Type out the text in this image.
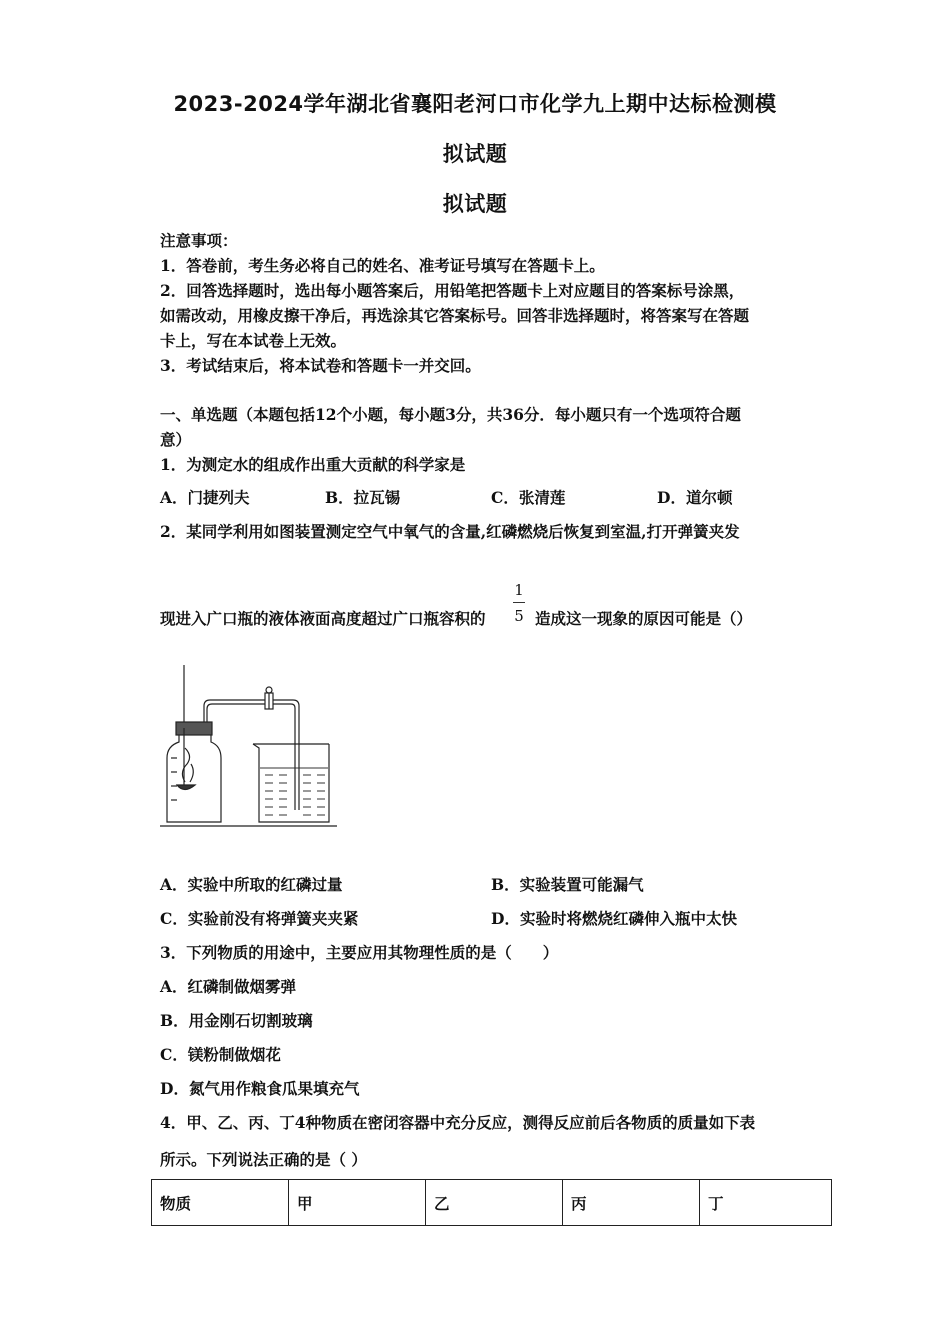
2023-2024学年湖北省襄阳老河口市化学九上期中达标检测模
拟试题
拟试题
注意事项：
1．答卷前，考生务必将自己的姓名、准考证号填写在答题卡上。
2．回答选择题时，选出每小题答案后，用铅笔把答题卡上对应题目的答案标号涂黑，
如需改动，用橡皮擦干净后，再选涂其它答案标号。回答非选择题时，将答案写在答题
卡上，写在本试卷上无效。
3．考试结束后，将本试卷和答题卡一并交回。
一、单选题（本题包括12个小题，每小题3分，共36分．每小题只有一个选项符合题
意）
1．为测定水的组成作出重大贡献的科学家是
A．门捷列夫	B．拉瓦锡	C．张清莲	D．道尔顿
2．某同学利用如图装置测定空气中氧气的含量,红磷燃烧后恢复到室温,打开弹簧夹发
现进入广口瓶的液体液面高度超过广口瓶容积的
1
5 造成这一现象的原因可能是（）
A．实验中所取的红磷过量	B．实验装置可能漏气
C．实验前没有将弹簧夹夹紧	D．实验时将燃烧红磷伸入瓶中太快
3．下列物质的用途中，主要应用其物理性质的是（　　）
A．红磷制做烟雾弹
B．用金刚石切割玻璃
C．镁粉制做烟花
D．氮气用作粮食瓜果填充气
4．甲、乙、丙、丁4种物质在密闭容器中充分反应，测得反应前后各物质的质量如下表
所示。下列说法正确的是（ ）
物质	甲	乙	丙	丁
